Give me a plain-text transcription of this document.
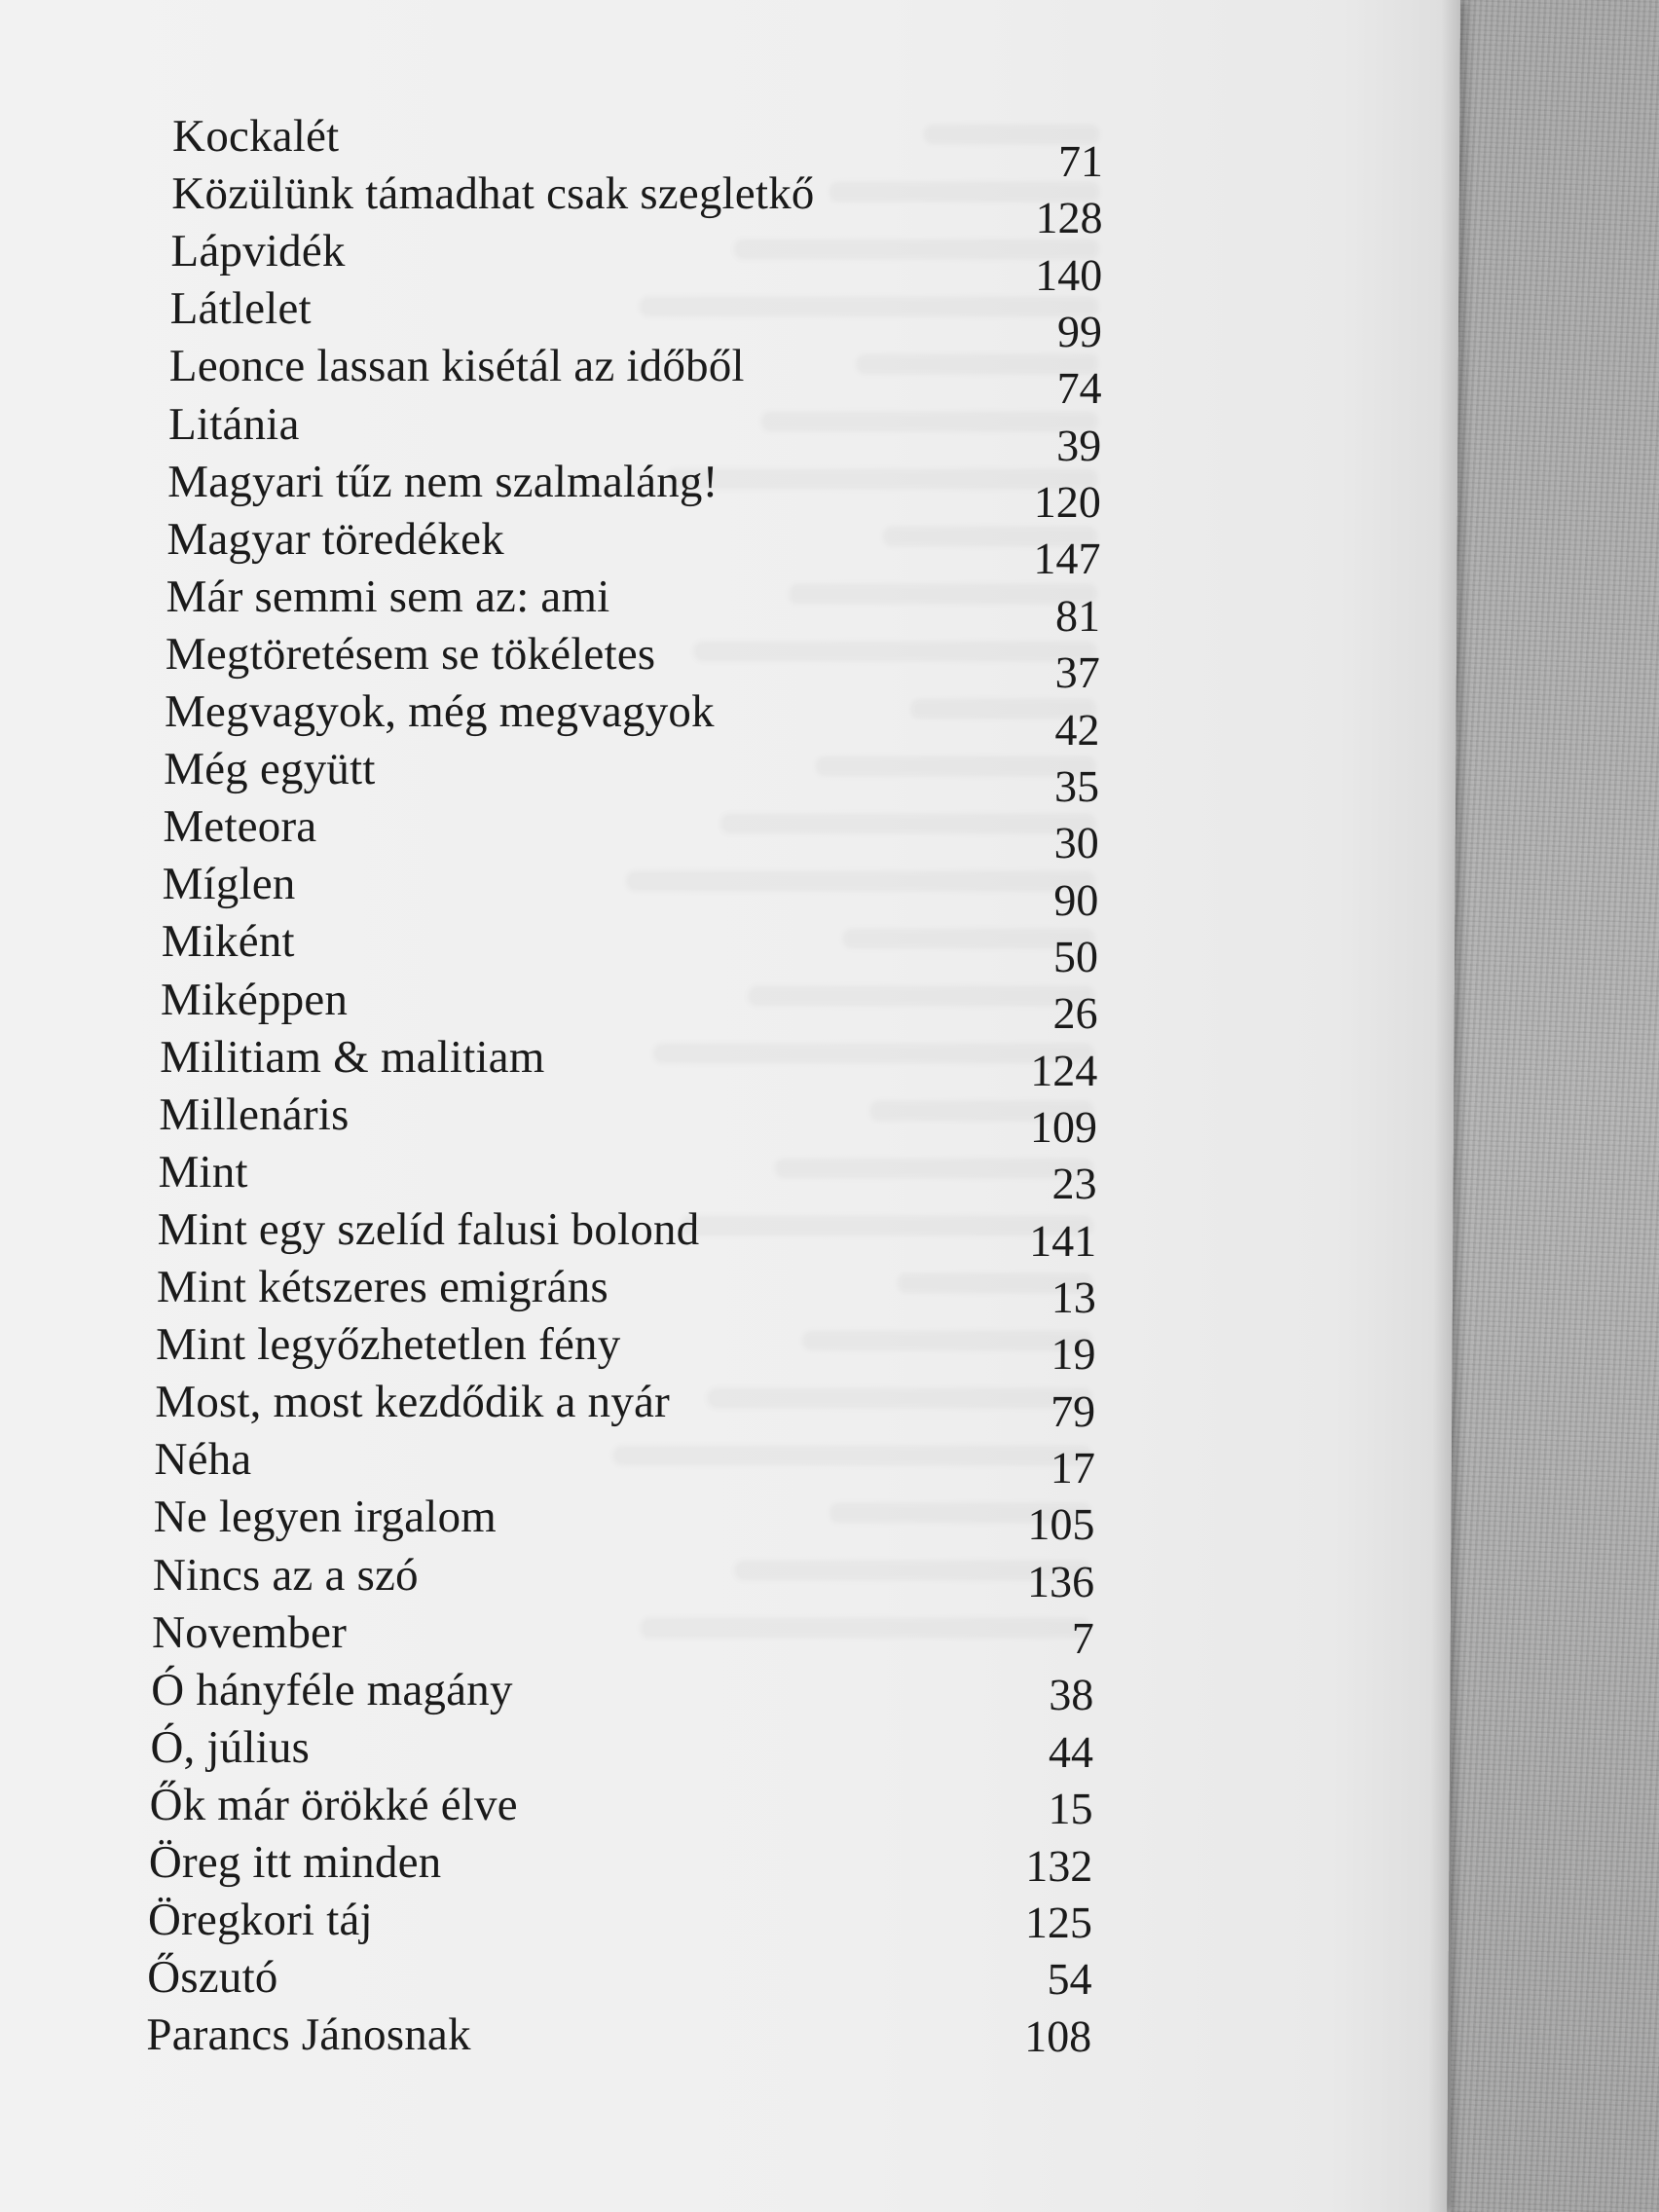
Kockalét	71
Közülünk támadhat csak szegletkő	128
Lápvidék	140
Látlelet	99
Leonce lassan kisétál az időből	74
Litánia	39
Magyari tűz nem szalmaláng!	120
Magyar töredékek	147
Már semmi sem az: ami	81
Megtöretésem se tökéletes	37
Megvagyok, még megvagyok	42
Még együtt	35
Meteora	30
Míglen	90
Miként	50
Miképpen	26
Militiam & malitiam	124
Millenáris	109
Mint	23
Mint egy szelíd falusi bolond	141
Mint kétszeres emigráns	13
Mint legyőzhetetlen fény	19
Most, most kezdődik a nyár	79
Néha	17
Ne legyen irgalom	105
Nincs az a szó	136
November	7
Ó hányféle magány	38
Ó, július	44
Ők már örökké élve	15
Öreg itt minden	132
Öregkori táj	125
Őszutó	54
Parancs Jánosnak	108
